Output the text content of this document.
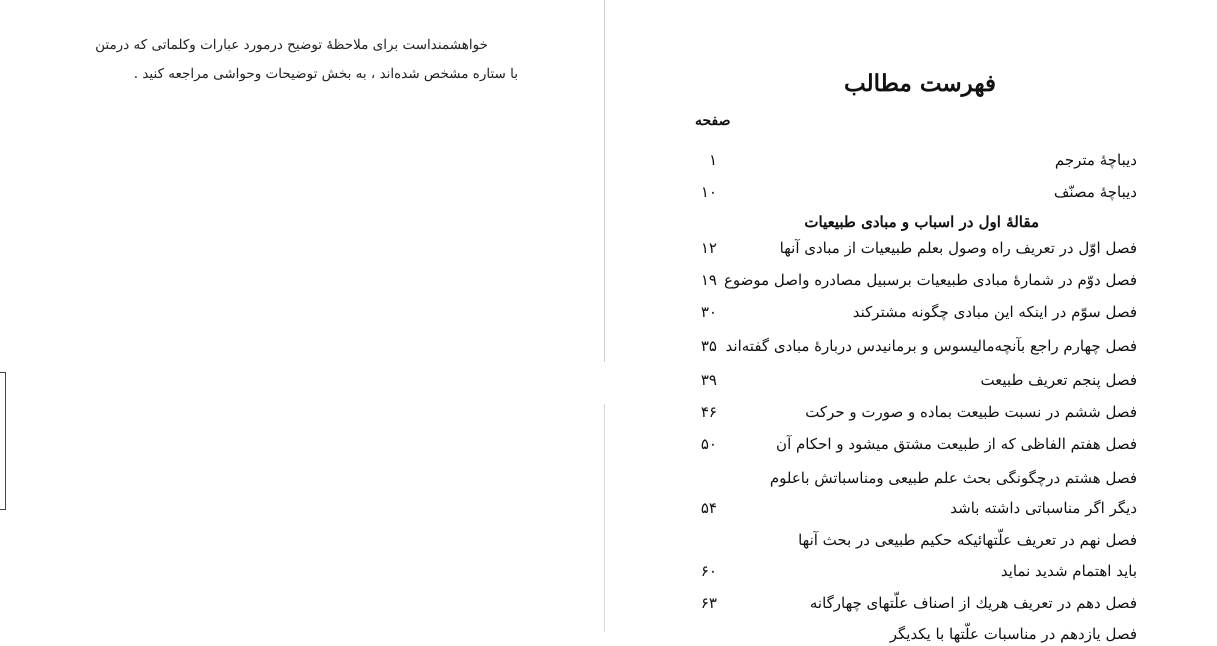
خواهشمنداست برای ملاحظهٔ توضیح درمورد عبارات وکلماتی که درمتن
با ستاره مشخص شده‌اند ، به بخش توضیحات وحواشی مراجعه کنید .	فهرست مطالب
صفحه
مقالهٔ اول در اسباب و مبادی طبیعیات
دیباچهٔ مترجم
۱
دیباچهٔ مصنّف
۱۰
فصل اوّل در تعریف راه وصول بعلم طبیعیات از مبادی آنها
۱۲
فصل دوّم در شمارهٔ مبادی طبیعیات برسبیل مصادره واصل موضوع
۱۹
فصل سوّم در اینکه این مبادی چگونه مشترکند
۳۰
فصل چهارم راجع بآنچه‌مالیسوس و برمانیدس دربارهٔ مبادی گفته‌اند
۳۵
فصل پنجم تعریف طبیعت
۳۹
فصل ششم در نسبت طبیعت بماده و صورت و حرکت
۴۶
فصل هفتم الفاظی که از طبیعت مشتق میشود و احکام آن
۵۰
فصل هشتم درچگونگی بحث علم طبیعی ومناسباتش باعلوم
دیگر اگر مناسباتی داشته باشد
۵۴
فصل نهم در تعریف علّتهائیکه حکیم طبیعی در بحث آنها
باید اهتمام شدید نماید
۶۰
فصل دهم در تعریف هریك از اصناف علّتهای چهارگانه
۶۳
فصل یازدهم در مناسبات علّتها با یکدیگر
